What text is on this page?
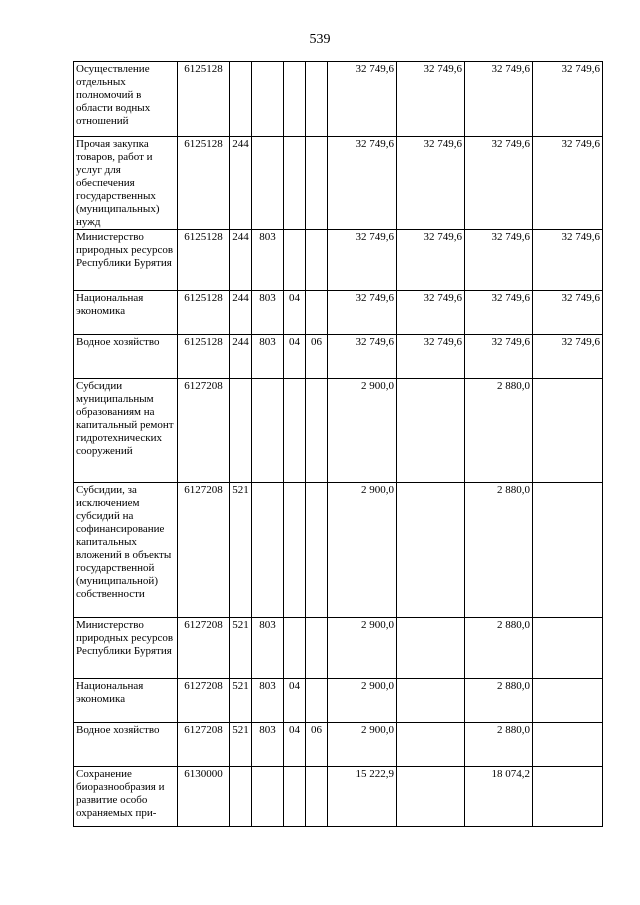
539
Осуществление отдельных полномочий в области водных отношений	6125128					32 749,6	32 749,6	32 749,6	32 749,6
Прочая закупка товаров, работ и услуг для обеспечения государственных (муниципальных) нужд	6125128	244				32 749,6	32 749,6	32 749,6	32 749,6
Министерство природных ресурсов Республики Бурятия	6125128	244	803			32 749,6	32 749,6	32 749,6	32 749,6
Национальная экономика	6125128	244	803	04		32 749,6	32 749,6	32 749,6	32 749,6
Водное хозяйство	6125128	244	803	04	06	32 749,6	32 749,6	32 749,6	32 749,6
Субсидии муниципальным образованиям на капитальный ремонт гидротехнических сооружений	6127208					2 900,0		2 880,0	
Субсидии, за исключением субсидий на софинансирование капитальных вложений в объекты государственной (муниципальной) собственности	6127208	521				2 900,0		2 880,0	
Министерство природных ресурсов Республики Бурятия	6127208	521	803			2 900,0		2 880,0	
Национальная экономика	6127208	521	803	04		2 900,0		2 880,0	
Водное хозяйство	6127208	521	803	04	06	2 900,0		2 880,0	
Сохранение биоразнообразия и развитие особо охраняемых при-	6130000					15 222,9		18 074,2	
